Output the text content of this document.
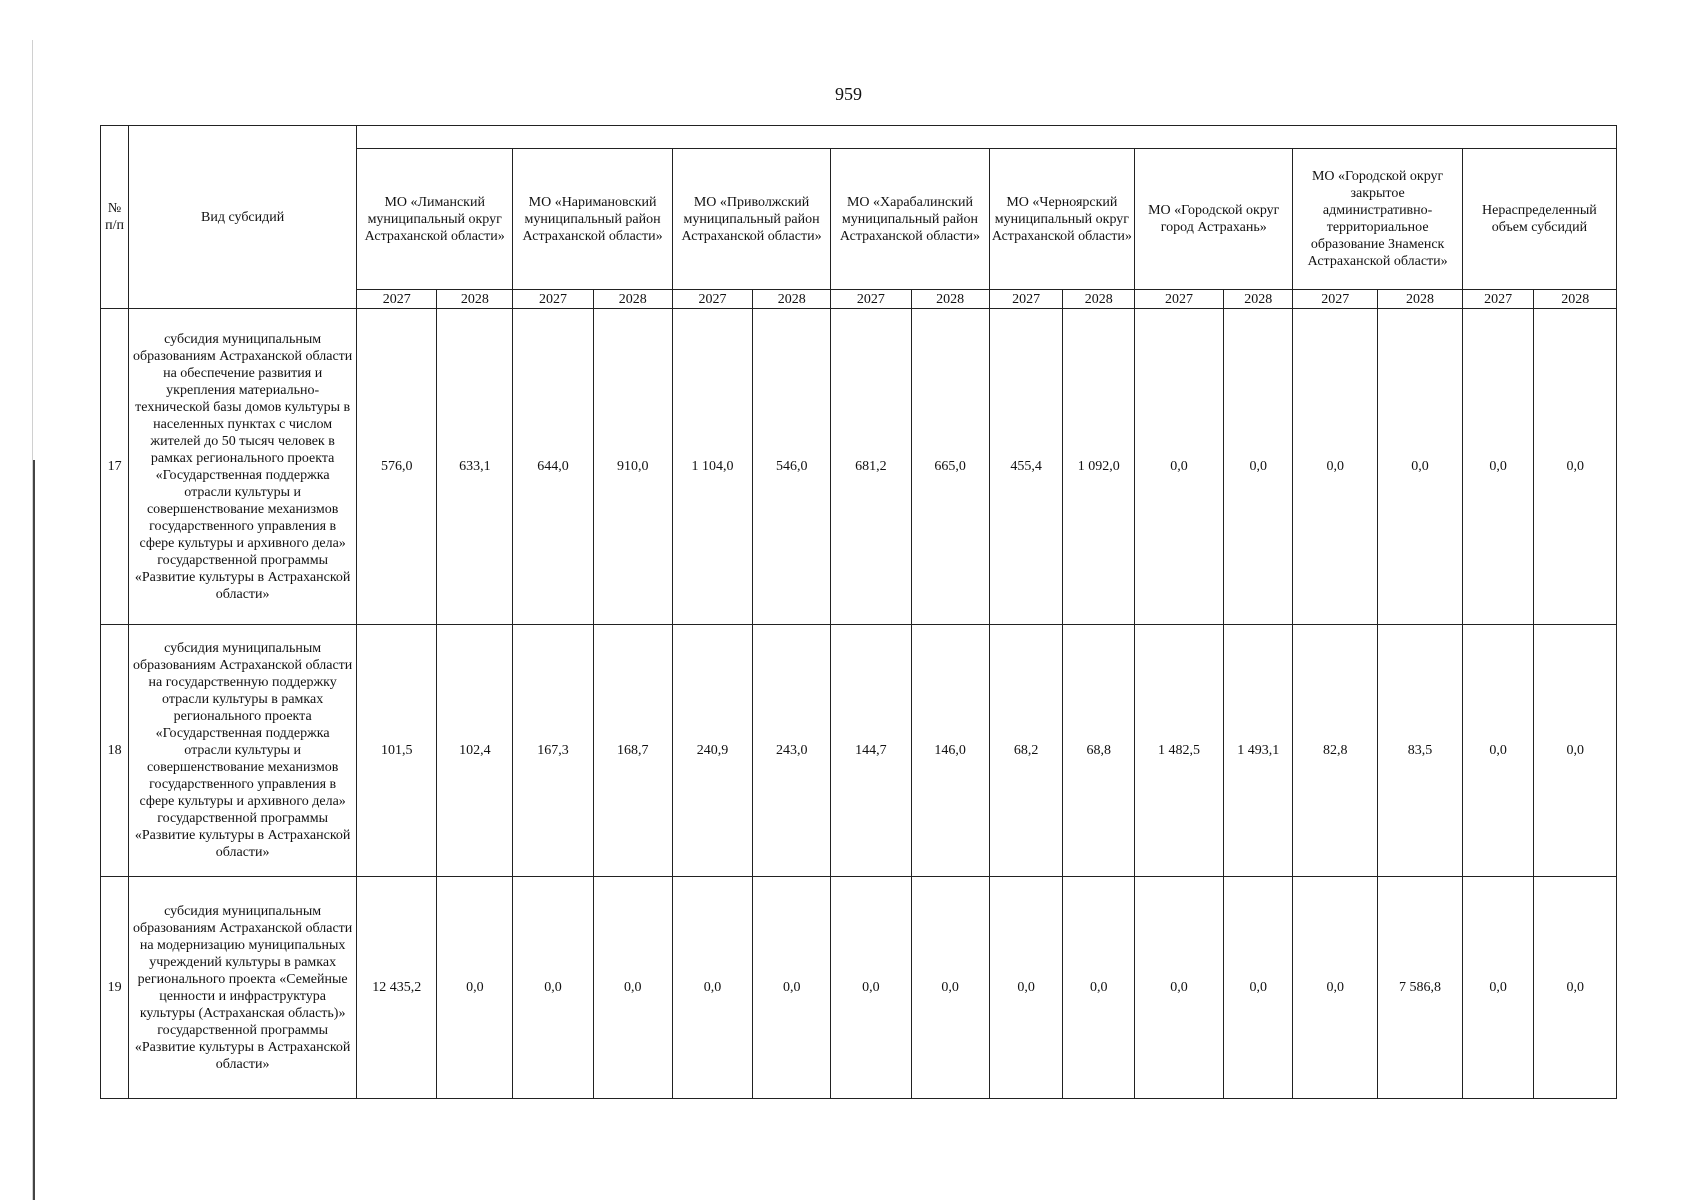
959
№ п/п	Вид субсидий																
		МО «Лиманский муниципальный округ Астраханской области»		МО «Наримановский муниципальный район Астраханской области»		МО «Приволжский муниципальный район Астраханской области»		МО «Харабалинский муниципальный район Астраханской области»		МО «Черноярский муниципальный округ Астраханской области»		МО «Городской округ город Астрахань»		МО «Городской округ закрытое административно-территориальное образование Знаменск Астраханской области»		Нераспределенный объем субсидий	
		2027	2028	2027	2028	2027	2028	2027	2028	2027	2028	2027	2028	2027	2028	2027	2028
17	субсидия муниципальным образованиям Астраханской области на обеспечение развития и укрепления материально-технической базы домов культуры в населенных пунктах с числом жителей до 50 тысяч человек в рамках регионального проекта «Государственная поддержка отрасли культуры и совершенствование механизмов государственного управления в сфере культуры и архивного дела» государственной программы «Развитие культуры в Астраханской области»	576,0	633,1	644,0	910,0	1 104,0	546,0	681,2	665,0	455,4	1 092,0	0,0	0,0	0,0	0,0	0,0	0,0
18	субсидия муниципальным образованиям Астраханской области на государственную поддержку отрасли культуры в рамках регионального проекта «Государственная поддержка отрасли культуры и совершенствование механизмов государственного управления в сфере культуры и архивного дела» государственной программы «Развитие культуры в Астраханской области»	101,5	102,4	167,3	168,7	240,9	243,0	144,7	146,0	68,2	68,8	1 482,5	1 493,1	82,8	83,5	0,0	0,0
19	субсидия муниципальным образованиям Астраханской области на модернизацию муниципальных учреждений культуры в рамках регионального проекта «Семейные ценности и инфраструктура культуры (Астраханская область)» государственной программы «Развитие культуры в Астраханской области»	12 435,2	0,0	0,0	0,0	0,0	0,0	0,0	0,0	0,0	0,0	0,0	0,0	0,0	7 586,8	0,0	0,0
